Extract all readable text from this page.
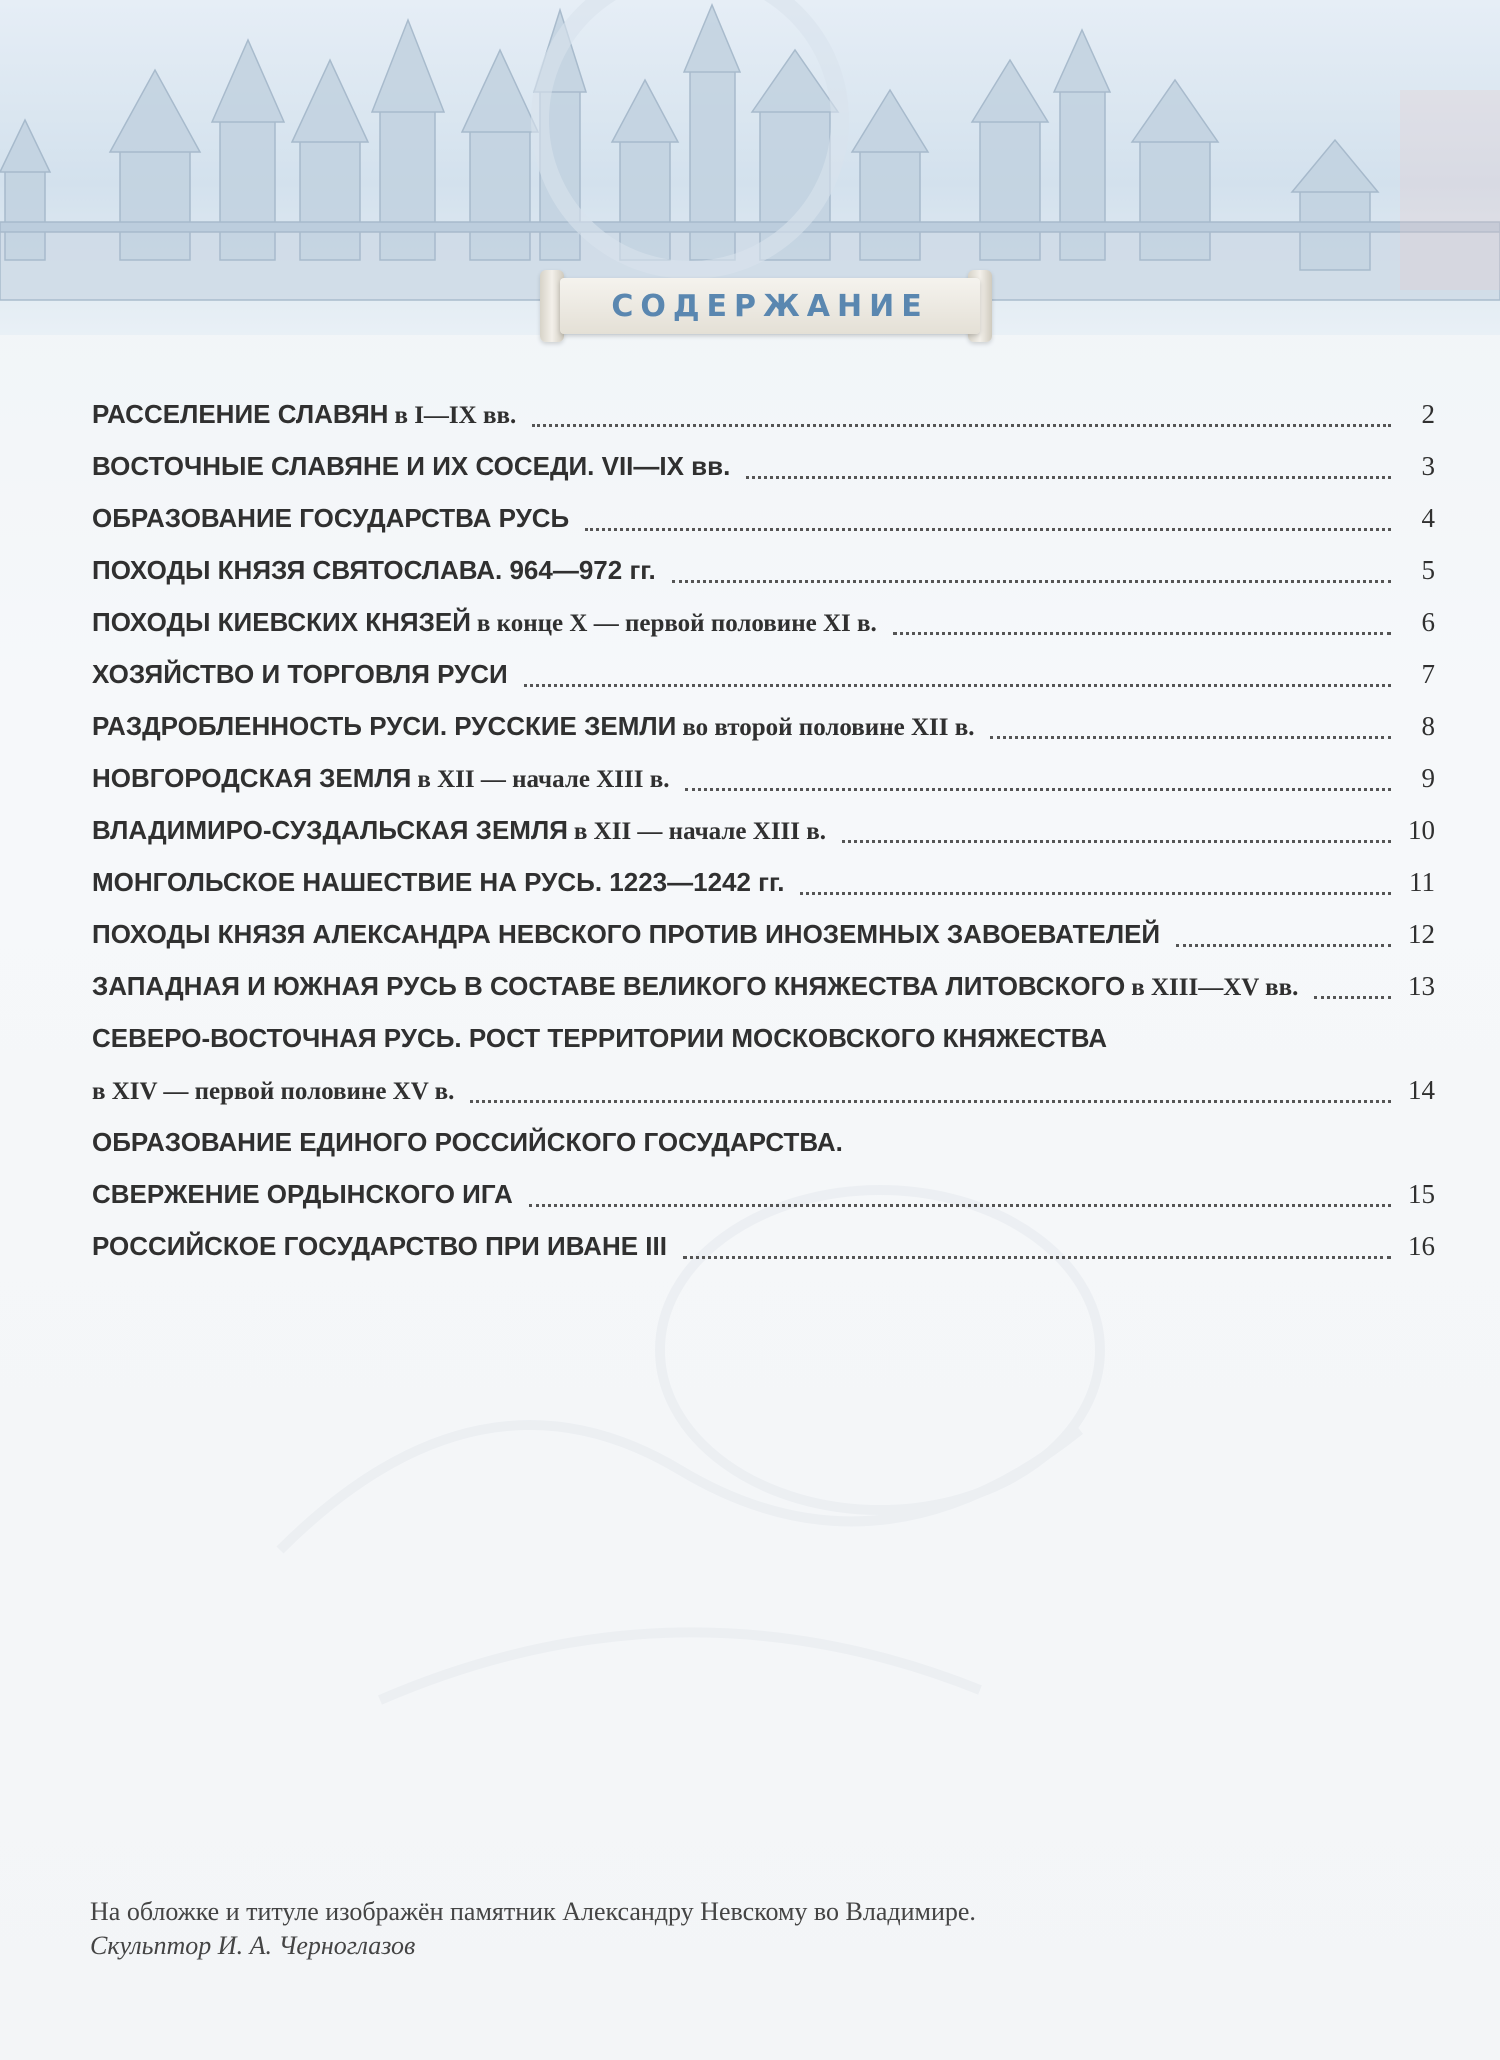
СОДЕРЖАНИЕ
РАССЕЛЕНИЕ СЛАВЯН в I—IX вв.	2
ВОСТОЧНЫЕ СЛАВЯНЕ И ИХ СОСЕДИ. VII—IX вв.	3
ОБРАЗОВАНИЕ ГОСУДАРСТВА РУСЬ	4
ПОХОДЫ КНЯЗЯ СВЯТОСЛАВА. 964—972 гг.	5
ПОХОДЫ КИЕВСКИХ КНЯЗЕЙ в конце X — первой половине XI в.	6
ХОЗЯЙСТВО И ТОРГОВЛЯ РУСИ	7
РАЗДРОБЛЕННОСТЬ РУСИ. РУССКИЕ ЗЕМЛИ во второй половине XII в.	8
НОВГОРОДСКАЯ ЗЕМЛЯ в XII — начале XIII в.	9
ВЛАДИМИРО-СУЗДАЛЬСКАЯ ЗЕМЛЯ в XII — начале XIII в.	10
МОНГОЛЬСКОЕ НАШЕСТВИЕ НА РУСЬ. 1223—1242 гг.	11
ПОХОДЫ КНЯЗЯ АЛЕКСАНДРА НЕВСКОГО ПРОТИВ ИНОЗЕМНЫХ ЗАВОЕВАТЕЛЕЙ	12
ЗАПАДНАЯ И ЮЖНАЯ РУСЬ В СОСТАВЕ ВЕЛИКОГО КНЯЖЕСТВА ЛИТОВСКОГО в XIII—XV вв.	13
СЕВЕРО-ВОСТОЧНАЯ РУСЬ. РОСТ ТЕРРИТОРИИ МОСКОВСКОГО КНЯЖЕСТВА
в XIV — первой половине XV в.	14
ОБРАЗОВАНИЕ ЕДИНОГО РОССИЙСКОГО ГОСУДАРСТВА.
СВЕРЖЕНИЕ ОРДЫНСКОГО ИГА	15
РОССИЙСКОЕ ГОСУДАРСТВО ПРИ ИВАНЕ III	16
На обложке и титуле изображён памятник Александру Невскому во Владимире.
Скульптор И. А. Черноглазов
